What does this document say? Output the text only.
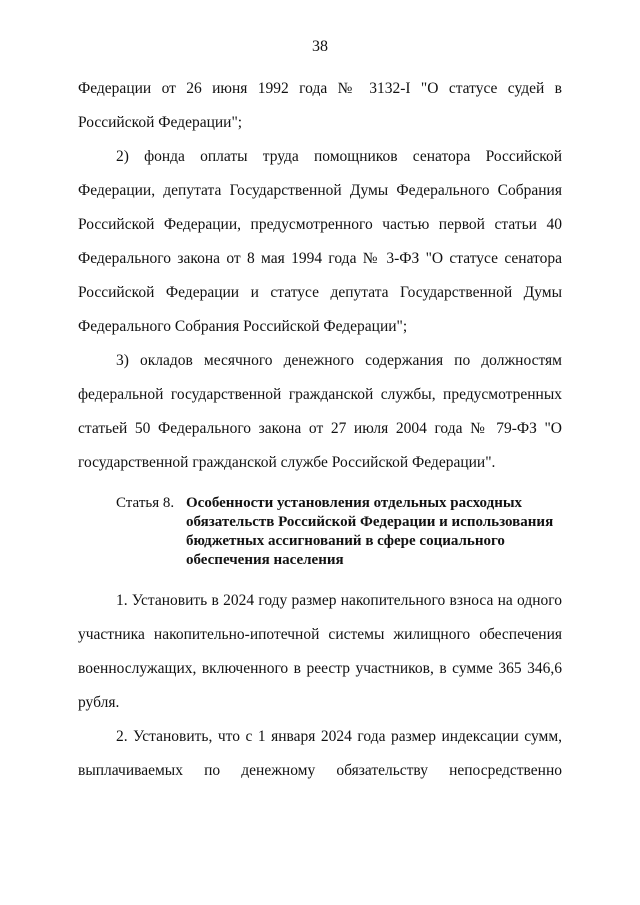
38

Федерации от 26 июня 1992 года № 3132-I "О статусе судей в Российской Федерации";

2) фонда оплаты труда помощников сенатора Российской Федерации, депутата Государственной Думы Федерального Собрания Российской Федерации, предусмотренного частью первой статьи 40 Федерального закона от 8 мая 1994 года № 3-ФЗ "О статусе сенатора Российской Федерации и статусе депутата Государственной Думы Федерального Собрания Российской Федерации";

3) окладов месячного денежного содержания по должностям федеральной государственной гражданской службы, предусмотренных статьей 50 Федерального закона от 27 июля 2004 года № 79-ФЗ "О государственной гражданской службе Российской Федерации".

Статья 8. Особенности установления отдельных расходных обязательств Российской Федерации и использования бюджетных ассигнований в сфере социального обеспечения населения

1. Установить в 2024 году размер накопительного взноса на одного участника накопительно-ипотечной системы жилищного обеспечения военнослужащих, включенного в реестр участников, в сумме 365 346,6 рубля.

2. Установить, что с 1 января 2024 года размер индексации сумм, выплачиваемых по денежному обязательству непосредственно
